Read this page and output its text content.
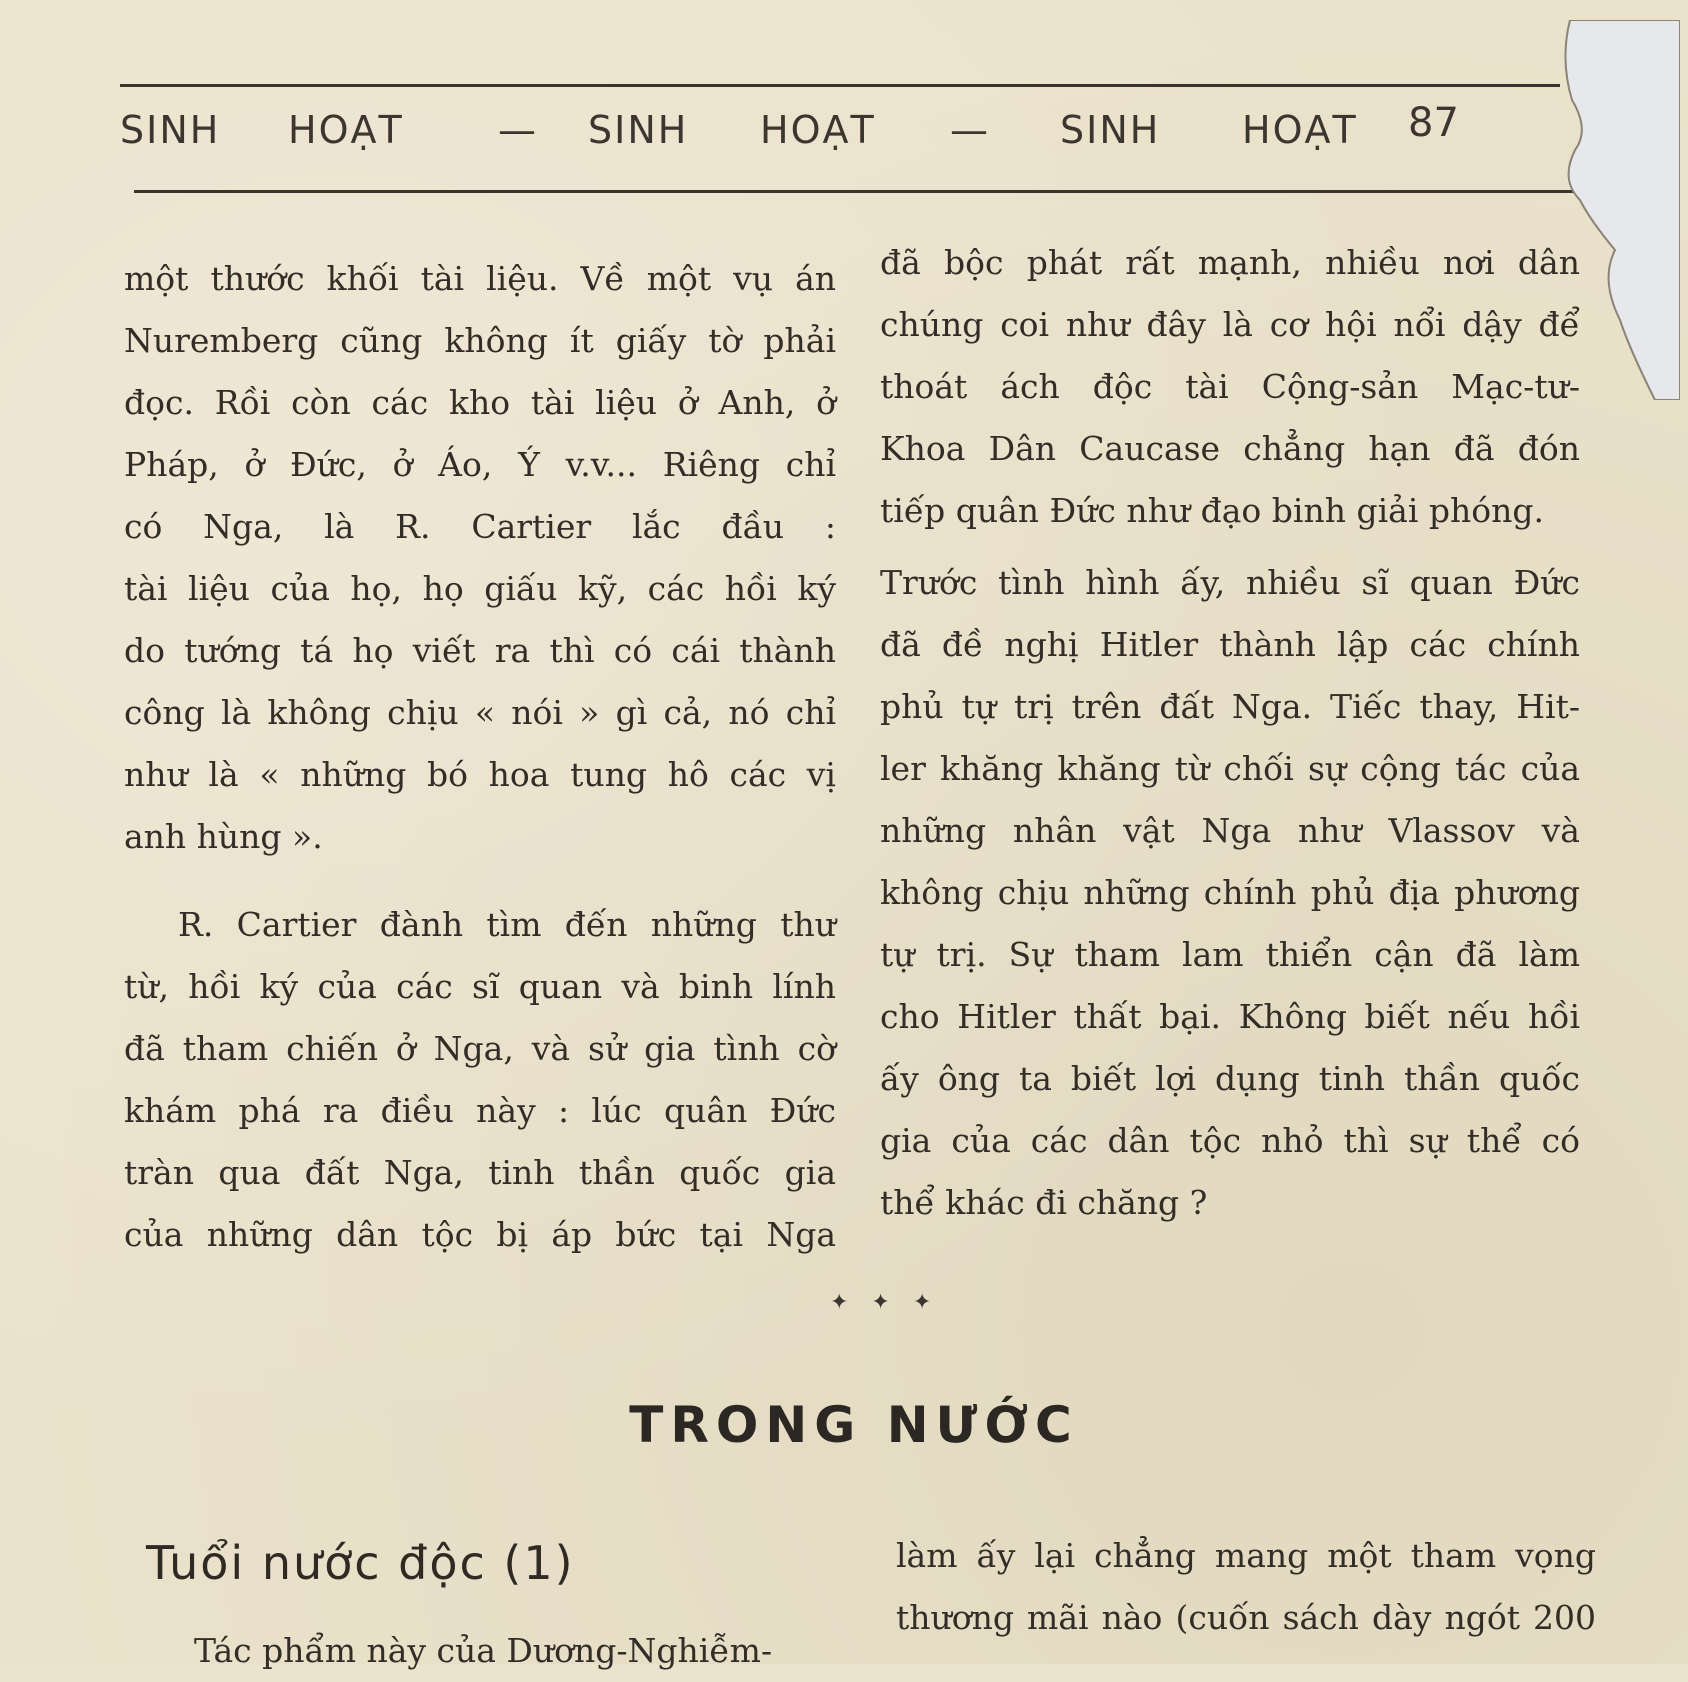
SINH HOẠT — SINH HOẠT — SINH HOẠT 87
một thước khối tài liệu. Về một vụ án
Nuremberg cũng không ít giấy tờ phải
đọc. Rồi còn các kho tài liệu ở Anh, ở
Pháp, ở Đức, ở Áo, Ý v.v... Riêng chỉ
có Nga, là R. Cartier lắc đầu :
tài liệu của họ, họ giấu kỹ, các hồi ký
do tướng tá họ viết ra thì có cái thành
công là không chịu « nói » gì cả, nó chỉ
như là « những bó hoa tung hô các vị
anh hùng ».
R. Cartier đành tìm đến những thư
từ, hồi ký của các sĩ quan và binh lính
đã tham chiến ở Nga, và sử gia tình cờ
khám phá ra điều này : lúc quân Đức
tràn qua đất Nga, tinh thần quốc gia
của những dân tộc bị áp bức tại Nga
đã bộc phát rất mạnh, nhiều nơi dân
chúng coi như đây là cơ hội nổi dậy để
thoát ách độc tài Cộng-sản Mạc-tư-
Khoa Dân Caucase chẳng hạn đã đón
tiếp quân Đức như đạo binh giải phóng.
Trước tình hình ấy, nhiều sĩ quan Đức
đã đề nghị Hitler thành lập các chính
phủ tự trị trên đất Nga. Tiếc thay, Hit-
ler khăng khăng từ chối sự cộng tác của
những nhân vật Nga như Vlassov và
không chịu những chính phủ địa phương
tự trị. Sự tham lam thiển cận đã làm
cho Hitler thất bại. Không biết nếu hồi
ấy ông ta biết lợi dụng tinh thần quốc
gia của các dân tộc nhỏ thì sự thể có
thể khác đi chăng ?
✦ ✦ ✦
TRONG NƯỚC
Tuổi nước độc (1)
Tác phẩm này của Dương-Nghiễm-
làm ấy lại chẳng mang một tham vọng
thương mãi nào (cuốn sách dày ngót 200
